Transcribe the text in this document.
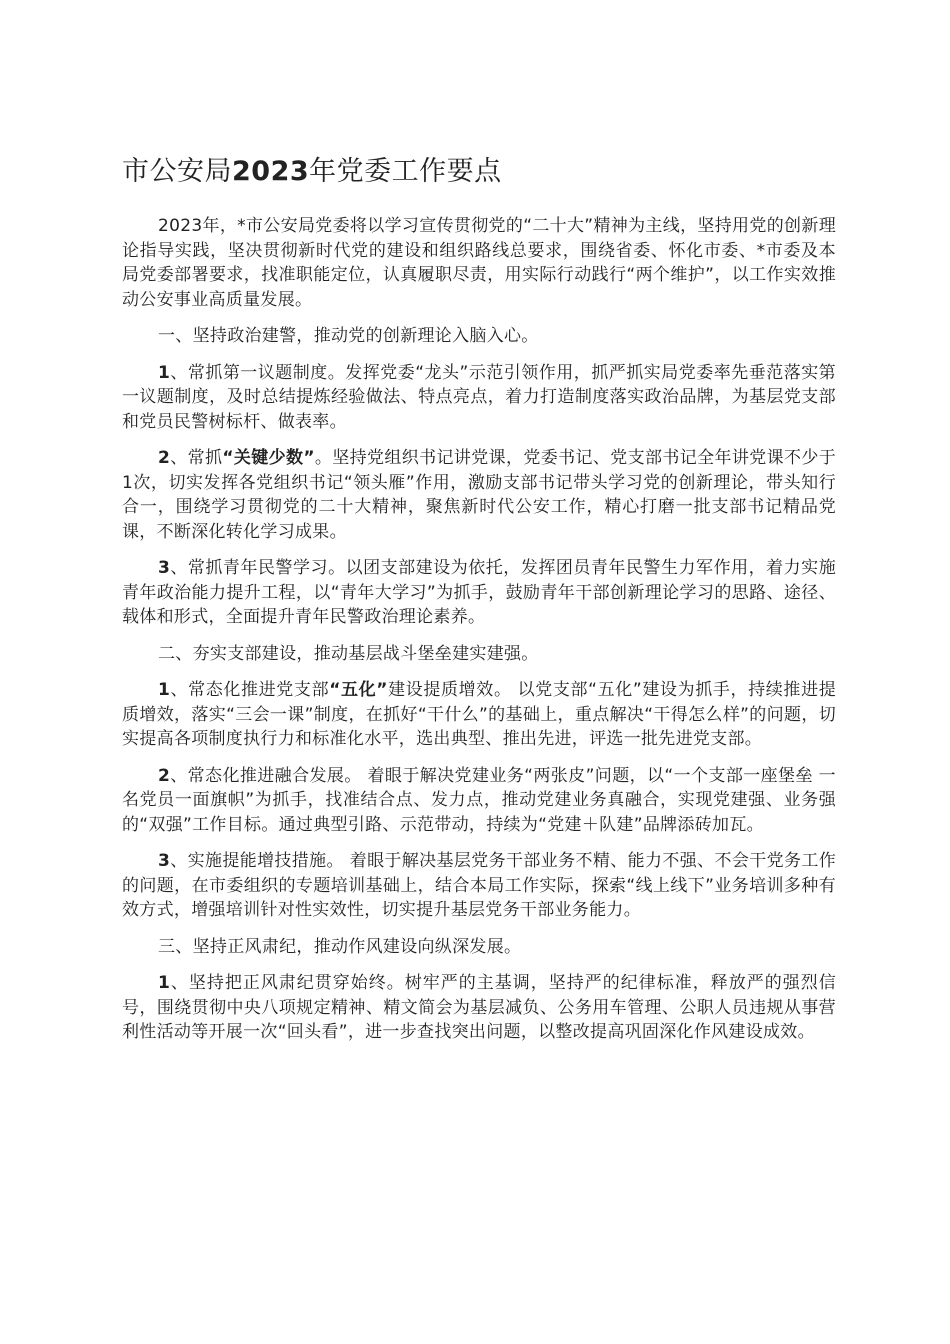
市公安局2023年党委工作要点

2023年，*市公安局党委将以学习宣传贯彻党的“二十大”精神为主线，坚持用党的创新理论指导实践，坚决贯彻新时代党的建设和组织路线总要求，围绕省委、怀化市委、*市委及本局党委部署要求，找准职能定位，认真履职尽责，用实际行动践行“两个维护”，以工作实效推动公安事业高质量发展。

一、坚持政治建警，推动党的创新理论入脑入心。

1、常抓第一议题制度。发挥党委“龙头”示范引领作用，抓严抓实局党委率先垂范落实第一议题制度，及时总结提炼经验做法、特点亮点，着力打造制度落实政治品牌，为基层党支部和党员民警树标杆、做表率。

2、常抓“关键少数”。坚持党组织书记讲党课，党委书记、党支部书记全年讲党课不少于1次，切实发挥各党组织书记“领头雁”作用，激励支部书记带头学习党的创新理论，带头知行合一，围绕学习贯彻党的二十大精神，聚焦新时代公安工作，精心打磨一批支部书记精品党课，不断深化转化学习成果。

3、常抓青年民警学习。以团支部建设为依托，发挥团员青年民警生力军作用，着力实施青年政治能力提升工程，以“青年大学习”为抓手，鼓励青年干部创新理论学习的思路、途径、载体和形式，全面提升青年民警政治理论素养。

二、夯实支部建设，推动基层战斗堡垒建实建强。

1、常态化推进党支部“五化”建设提质增效。 以党支部“五化”建设为抓手，持续推进提质增效，落实“三会一课”制度，在抓好“干什么”的基础上，重点解决“干得怎么样”的问题，切实提高各项制度执行力和标准化水平，选出典型、推出先进，评选一批先进党支部。

2、常态化推进融合发展。 着眼于解决党建业务“两张皮”问题，以“一个支部一座堡垒 一名党员一面旗帜”为抓手，找准结合点、发力点，推动党建业务真融合，实现党建强、业务强的“双强”工作目标。通过典型引路、示范带动，持续为“党建＋队建”品牌添砖加瓦。

3、实施提能增技措施。 着眼于解决基层党务干部业务不精、能力不强、不会干党务工作的问题，在市委组织的专题培训基础上，结合本局工作实际，探索“线上线下”业务培训多种有效方式，增强培训针对性实效性，切实提升基层党务干部业务能力。

三、坚持正风肃纪，推动作风建设向纵深发展。

1、坚持把正风肃纪贯穿始终。树牢严的主基调，坚持严的纪律标准，释放严的强烈信号，围绕贯彻中央八项规定精神、精文简会为基层减负、公务用车管理、公职人员违规从事营利性活动等开展一次“回头看”，进一步查找突出问题，以整改提高巩固深化作风建设成效。
